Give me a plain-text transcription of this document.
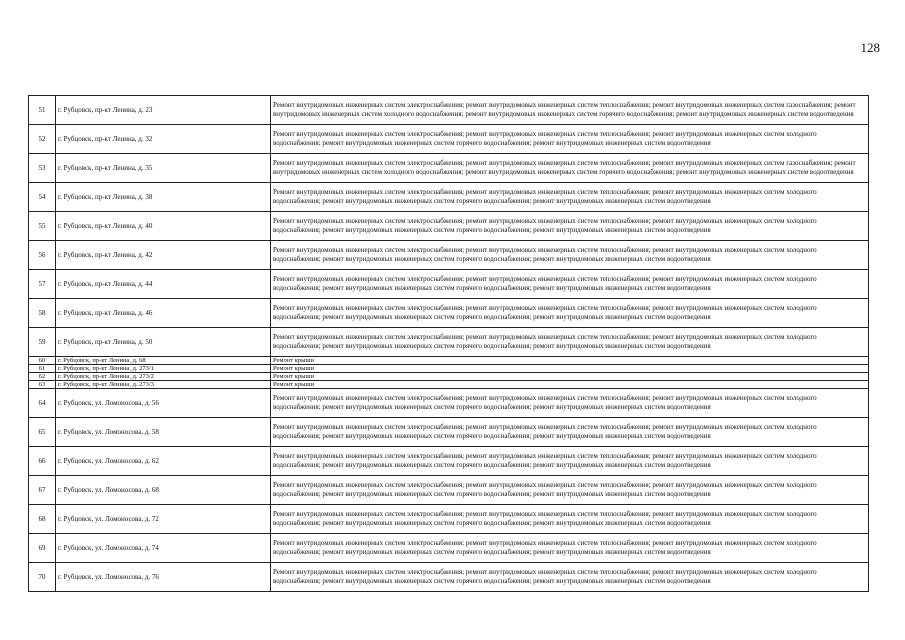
128
51	г. Рубцовск, пр-кт Ленина, д. 23	Ремонт внутридомовых инженерных систем электроснабжения; ремонт внутридомовых инженерных систем теплоснабжения; ремонт внутридомовых инженерных систем газоснабжения; ремонт внутридомовых инженерных систем холодного водоснабжения; ремонт внутридомовых инженерных систем горячего водоснабжения; ремонт внутридомовых инженерных систем водоотведения
52	г. Рубцовск, пр-кт Ленина, д. 32	Ремонт внутридомовых инженерных систем электроснабжения; ремонт внутридомовых инженерных систем теплоснабжения; ремонт внутридомовых инженерных систем холодного водоснабжения; ремонт внутридомовых инженерных систем горячего водоснабжения; ремонт внутридомовых инженерных систем водоотведения
53	г. Рубцовск, пр-кт Ленина, д. 35	Ремонт внутридомовых инженерных систем электроснабжения; ремонт внутридомовых инженерных систем теплоснабжения; ремонт внутридомовых инженерных систем газоснабжения; ремонт внутридомовых инженерных систем холодного водоснабжения; ремонт внутридомовых инженерных систем горячего водоснабжения; ремонт внутридомовых инженерных систем водоотведения
54	г. Рубцовск, пр-кт Ленина, д. 38	Ремонт внутридомовых инженерных систем электроснабжения; ремонт внутридомовых инженерных систем теплоснабжения; ремонт внутридомовых инженерных систем холодного водоснабжения; ремонт внутридомовых инженерных систем горячего водоснабжения; ремонт внутридомовых инженерных систем водоотведения
55	г. Рубцовск, пр-кт Ленина, д. 40	Ремонт внутридомовых инженерных систем электроснабжения; ремонт внутридомовых инженерных систем теплоснабжения; ремонт внутридомовых инженерных систем холодного водоснабжения; ремонт внутридомовых инженерных систем горячего водоснабжения; ремонт внутридомовых инженерных систем водоотведения
56	г. Рубцовск, пр-кт Ленина, д. 42	Ремонт внутридомовых инженерных систем электроснабжения; ремонт внутридомовых инженерных систем теплоснабжения; ремонт внутридомовых инженерных систем холодного водоснабжения; ремонт внутридомовых инженерных систем горячего водоснабжения; ремонт внутридомовых инженерных систем водоотведения
57	г. Рубцовск, пр-кт Ленина, д. 44	Ремонт внутридомовых инженерных систем электроснабжения; ремонт внутридомовых инженерных систем теплоснабжения; ремонт внутридомовых инженерных систем холодного водоснабжения; ремонт внутридомовых инженерных систем горячего водоснабжения; ремонт внутридомовых инженерных систем водоотведения
58	г. Рубцовск, пр-кт Ленина, д. 46	Ремонт внутридомовых инженерных систем электроснабжения; ремонт внутридомовых инженерных систем теплоснабжения; ремонт внутридомовых инженерных систем холодного водоснабжения; ремонт внутридомовых инженерных систем горячего водоснабжения; ремонт внутридомовых инженерных систем водоотведения
59	г. Рубцовск, пр-кт Ленина, д. 50	Ремонт внутридомовых инженерных систем электроснабжения; ремонт внутридомовых инженерных систем теплоснабжения; ремонт внутридомовых инженерных систем холодного водоснабжения; ремонт внутридомовых инженерных систем горячего водоснабжения; ремонт внутридомовых инженерных систем водоотведения
60	г. Рубцовск, пр-кт Ленина, д. 68	Ремонт крыши
61	г. Рубцовск, пр-кт Ленина, д. 273/1	Ремонт крыши
62	г. Рубцовск, пр-кт Ленина, д. 273/2	Ремонт крыши
63	г. Рубцовск, пр-кт Ленина, д. 273/3	Ремонт крыши
64	г. Рубцовск, ул. Ломоносова, д. 56	Ремонт внутридомовых инженерных систем электроснабжения; ремонт внутридомовых инженерных систем теплоснабжения; ремонт внутридомовых инженерных систем холодного водоснабжения; ремонт внутридомовых инженерных систем горячего водоснабжения; ремонт внутридомовых инженерных систем водоотведения
65	г. Рубцовск, ул. Ломоносова, д. 58	Ремонт внутридомовых инженерных систем электроснабжения; ремонт внутридомовых инженерных систем теплоснабжения; ремонт внутридомовых инженерных систем холодного водоснабжения; ремонт внутридомовых инженерных систем горячего водоснабжения; ремонт внутридомовых инженерных систем водоотведения
66	г. Рубцовск, ул. Ломоносова, д. 62	Ремонт внутридомовых инженерных систем электроснабжения; ремонт внутридомовых инженерных систем теплоснабжения; ремонт внутридомовых инженерных систем холодного водоснабжения; ремонт внутридомовых инженерных систем горячего водоснабжения; ремонт внутридомовых инженерных систем водоотведения
67	г. Рубцовск, ул. Ломоносова, д. 68	Ремонт внутридомовых инженерных систем электроснабжения; ремонт внутридомовых инженерных систем теплоснабжения; ремонт внутридомовых инженерных систем холодного водоснабжения; ремонт внутридомовых инженерных систем горячего водоснабжения; ремонт внутридомовых инженерных систем водоотведения
68	г. Рубцовск, ул. Ломоносова, д. 72	Ремонт внутридомовых инженерных систем электроснабжения; ремонт внутридомовых инженерных систем теплоснабжения; ремонт внутридомовых инженерных систем холодного водоснабжения; ремонт внутридомовых инженерных систем горячего водоснабжения; ремонт внутридомовых инженерных систем водоотведения
69	г. Рубцовск, ул. Ломоносова, д. 74	Ремонт внутридомовых инженерных систем электроснабжения; ремонт внутридомовых инженерных систем теплоснабжения; ремонт внутридомовых инженерных систем холодного водоснабжения; ремонт внутридомовых инженерных систем горячего водоснабжения; ремонт внутридомовых инженерных систем водоотведения
70	г. Рубцовск, ул. Ломоносова, д. 76	Ремонт внутридомовых инженерных систем электроснабжения; ремонт внутридомовых инженерных систем теплоснабжения; ремонт внутридомовых инженерных систем холодного водоснабжения; ремонт внутридомовых инженерных систем горячего водоснабжения; ремонт внутридомовых инженерных систем водоотведения
